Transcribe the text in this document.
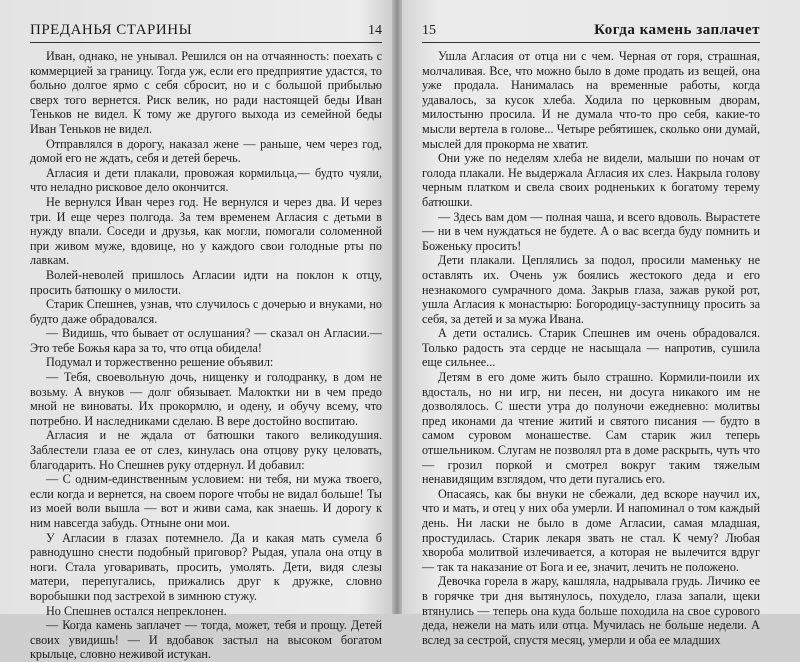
ПРЕДАНЬЯ СТАРИНЫ	14

Иван, однако, не унывал. Решился он на отчаянность: поехать с коммерцией за границу. Тогда уж, если его предприятие удастся, то больно долгое ярмо с себя сбросит, но и с большой прибылью сверх того вернется. Риск велик, но ради настоящей беды Иван Теньков не видел. К тому же другого выхода из семейной беды Иван Теньков не видел.

Отправлялся в дорогу, наказал жене — раньше, чем через год, домой его не ждать, себя и детей беречь.

Агласия и дети плакали, провожая кормильца,— будто чуяли, что неладно рисковое дело окончится.

Не вернулся Иван через год. Не вернулся и через два. И через три. И еще через полгода. За тем временем Агласия с детьми в нужду впали. Соседи и друзья, как могли, помогали соломенной при живом муже, вдовице, но у каждого свои голодные рты по лавкам.

Волей-неволей пришлось Агласии идти на поклон к отцу, просить батюшку о милости.

Старик Спешнев, узнав, что случилось с дочерью и внуками, но будто даже обрадовался.

— Видишь, что бывает от ослушания? — сказал он Агласии.— Это тебе Божья кара за то, что отца обидела!

Подумал и торжественно решение объявил:

— Тебя, своевольную дочь, нищенку и голодранку, в дом не возьму. А внуков — долг обязывает. Малоктки ни в чем предо мной не виноваты. Их прокормлю, и одену, и обучу всему, что потребно. И наследниками сделаю. В вере достойно воспитаю.

Агласия и не ждала от батюшки такого великодушия. Заблестели глаза ее от слез, кинулась она отцову руку целовать, благодарить. Но Спешнев руку отдернул. И добавил:

— С одним-единственным условием: ни тебя, ни мужа твоего, если когда и вернется, на своем пороге чтобы не видал больше! Ты из моей воли вышла — вот и живи сама, как знаешь. И дорогу к ним навсегда забудь. Отныне они мои.

У Агласии в глазах потемнело. Да и какая мать сумела б равнодушно снести подобный приговор? Рыдая, упала она отцу в ноги. Стала уговаривать, просить, умолять. Дети, видя слезы матери, перепугались, прижались друг к дружке, словно воробышки под застрехой в зимнюю стужу.

Но Спешнев остался непреклонен.

— Когда камень заплачет — тогда, может, тебя и прощу. Детей своих увидишь! — И вдобавок застыл на высоком богатом крыльце, словно неживой истукан.

15	Когда камень заплачет

Ушла Агласия от отца ни с чем. Черная от горя, страшная, молчаливая. Все, что можно было в доме продать из вещей, она уже продала. Нанималась на временные работы, когда удавалось, за кусок хлеба. Ходила по церковным дворам, милостыню просила. И не думала что-то про себя, какие-то мысли вертела в голове... Четыре ребятишек, сколько они думай, мыслей для прокорма не хватит.

Они уже по неделям хлеба не видели, малыши по ночам от голода плакали. Не выдержала Агласия их слез. Накрыла голову черным платком и свела своих родненьких к богатому терему батюшки.

— Здесь вам дом — полная чаша, и всего вдоволь. Вырастете — ни в чем нуждаться не будете. А о вас всегда буду помнить и Боженьку просить!

Дети плакали. Цеплялись за подол, просили маменьку не оставлять их. Очень уж боялись жестокого деда и его незнакомого сумрачного дома. Закрыв глаза, зажав рукой рот, ушла Агласия к монастырю: Богородицу-заступницу просить за себя, за детей и за мужа Ивана.

А дети остались. Старик Спешнев им очень обрадовался. Только радость эта сердце не насыщала — напротив, сушила еще сильнее...

Детям в его доме жить было страшно. Кормили-поили их вдосталь, но ни игр, ни песен, ни досуга никакого им не дозволялось. С шести утра до полуночи ежедневно: молитвы пред иконами да чтение житий и святого писания — будто в самом суровом монашестве. Сам старик жил теперь отшельником. Слугам не позволял рта в доме раскрыть, чуть что — грозил поркой и смотрел вокруг таким тяжелым ненавидящим взглядом, что дети пугались его.

Опасаясь, как бы внуки не сбежали, дед вскоре научил их, что и мать, и отец у них оба умерли. И напоминал о том каждый день. Ни ласки не было в доме Агласии, самая младшая, простудилась. Старик лекаря звать не стал. К чему? Любая хвороба молитвой излечивается, а которая не вылечится вдруг — так та наказание от Бога и ее, значит, лечить не положено.

Девочка горела в жару, кашляла, надрывала грудь. Личико ее в горячке три дня вытянулось, похудело, глаза запали, щеки втянулись — теперь она куда больше походила на свое сурового деда, нежели на мать или отца. Мучилась не больше недели. А вслед за сестрой, спустя месяц, умерли и оба ее младших
